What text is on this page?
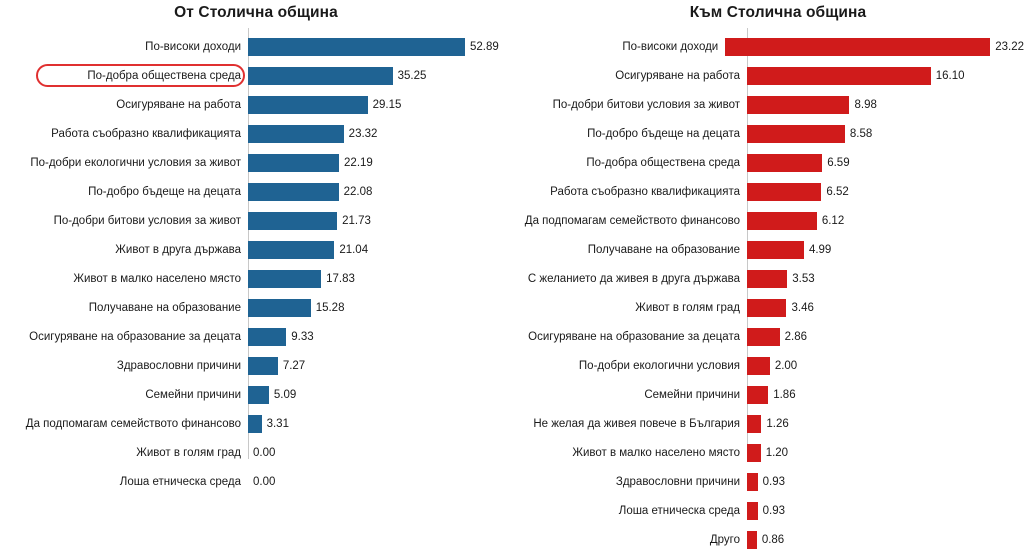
От Столична община
По-високи доходи	52.89
По-добра обществена среда	35.25
Осигуряване на работа	29.15
Работа съобразно квалификацията	23.32
По-добри екологични условия за живот	22.19
По-добро бъдеще на децата	22.08
По-добри битови условия за живот	21.73
Живот в друга държава	21.04
Живот в малко населено място	17.83
Получаване на образование	15.28
Осигуряване на образование за децата	9.33
Здравословни причини	7.27
Семейни причини	5.09
Да подпомагам семейството финансово	3.31
Живот в голям град	0.00
Лоша етническа среда	0.00
Към Столична община
По-високи доходи	23.22
Осигуряване на работа	16.10
По-добри битови условия за живот	8.98
По-добро бъдеще на децата	8.58
По-добра обществена среда	6.59
Работа съобразно квалификацията	6.52
Да подпомагам семейството финансово	6.12
Получаване на образование	4.99
С желанието да живея в друга държава	3.53
Живот в голям град	3.46
Осигуряване на образование за децата	2.86
По-добри екологични условия	2.00
Семейни причини	1.86
Не желая да живея повече в България	1.26
Живот в малко населено място	1.20
Здравословни причини	0.93
Лоша етническа среда	0.93
Друго	0.86
